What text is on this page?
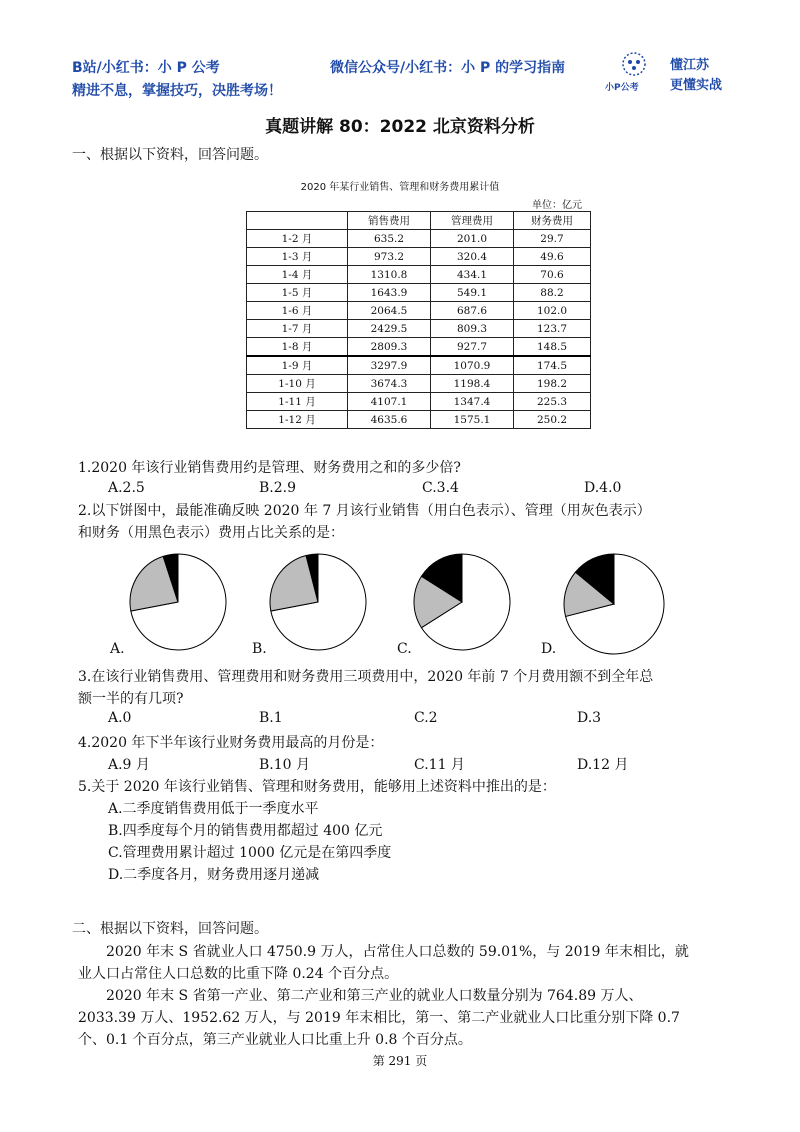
B站/小红书：小 P 公考
精进不息，掌握技巧，决胜考场！
微信公众号/小红书：小 P 的学习指南
小P公考
懂江苏
更懂实战
真题讲解 80：2022 北京资料分析
一、根据以下资料，回答问题。
2020 年某行业销售、管理和财务费用累计值
单位：亿元
	销售费用	管理费用	财务费用
1-2 月	635.2	201.0	29.7
1-3 月	973.2	320.4	49.6
1-4 月	1310.8	434.1	70.6
1-5 月	1643.9	549.1	88.2
1-6 月	2064.5	687.6	102.0
1-7 月	2429.5	809.3	123.7
1-8 月	2809.3	927.7	148.5
1-9 月	3297.9	1070.9	174.5
1-10 月	3674.3	1198.4	198.2
1-11 月	4107.1	1347.4	225.3
1-12 月	4635.6	1575.1	250.2
1.2020 年该行业销售费用约是管理、财务费用之和的多少倍?
A.2.5	B.2.9	C.3.4	D.4.0
2.以下饼图中，最能准确反映 2020 年 7 月该行业销售（用白色表示）、管理（用灰色表示）
和财务（用黑色表示）费用占比关系的是：
A.	B.	C.	D.
3.在该行业销售费用、管理费用和财务费用三项费用中，2020 年前 7 个月费用额不到全年总
额一半的有几项?
A.0	B.1	C.2	D.3
4.2020 年下半年该行业财务费用最高的月份是：
A.9 月	B.10 月	C.11 月	D.12 月
5.关于 2020 年该行业销售、管理和财务费用，能够用上述资料中推出的是：
A.二季度销售费用低于一季度水平
B.四季度每个月的销售费用都超过 400 亿元
C.管理费用累计超过 1000 亿元是在第四季度
D.二季度各月，财务费用逐月递减
二、根据以下资料，回答问题。
2020 年末 S 省就业人口 4750.9 万人，占常住人口总数的 59.01%，与 2019 年末相比，就
业人口占常住人口总数的比重下降 0.24 个百分点。
2020 年末 S 省第一产业、第二产业和第三产业的就业人口数量分别为 764.89 万人、
2033.39 万人、1952.62 万人，与 2019 年末相比，第一、第二产业就业人口比重分别下降 0.7
个、0.1 个百分点，第三产业就业人口比重上升 0.8 个百分点。
第 291 页
